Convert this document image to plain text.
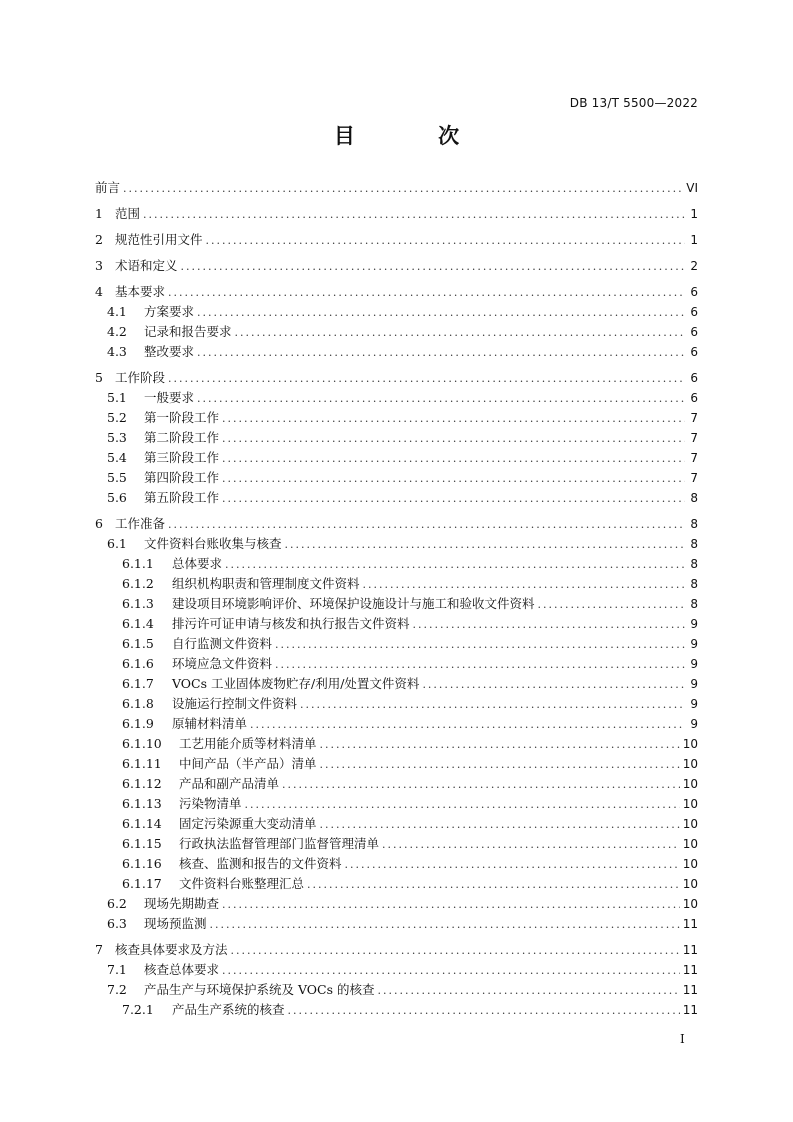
DB 13/T 5500—2022
目 次
前言 .....	VI
1 范围 .....	1
2 规范性引用文件 .....	1
3 术语和定义 .....	2
4 基本要求 .....	6
4.1	方案要求 .....	6
4.2	记录和报告要求 .....	6
4.3	整改要求 .....	6
5 工作阶段 .....	6
5.1	一般要求 .....	6
5.2	第一阶段工作 .....	7
5.3	第二阶段工作 .....	7
5.4	第三阶段工作 .....	7
5.5	第四阶段工作 .....	7
5.6	第五阶段工作 .....	8
6 工作准备 .....	8
6.1	文件资料台账收集与核查 .....	8
6.1.1	总体要求 .....	8
6.1.2	组织机构职责和管理制度文件资料 .....	8
6.1.3	建设项目环境影响评价、环境保护设施设计与施工和验收文件资料 .....	8
6.1.4	排污许可证申请与核发和执行报告文件资料 .....	9
6.1.5	自行监测文件资料 .....	9
6.1.6	环境应急文件资料 .....	9
6.1.7	VOCs 工业固体废物贮存/利用/处置文件资料 .....	9
6.1.8	设施运行控制文件资料 .....	9
6.1.9	原辅材料清单 .....	9
6.1.10	工艺用能介质等材料清单 .....	10
6.1.11	中间产品（半产品）清单 .....	10
6.1.12	产品和副产品清单 .....	10
6.1.13	污染物清单 .....	10
6.1.14	固定污染源重大变动清单 .....	10
6.1.15	行政执法监督管理部门监督管理清单 .....	10
6.1.16	核查、监测和报告的文件资料 .....	10
6.1.17	文件资料台账整理汇总 .....	10
6.2	现场先期勘查 .....	10
6.3	现场预监测 .....	11
7 核查具体要求及方法 .....	11
7.1	核查总体要求 .....	11
7.2	产品生产与环境保护系统及 VOCs 的核查 .....	11
7.2.1	产品生产系统的核查 .....	11
I
